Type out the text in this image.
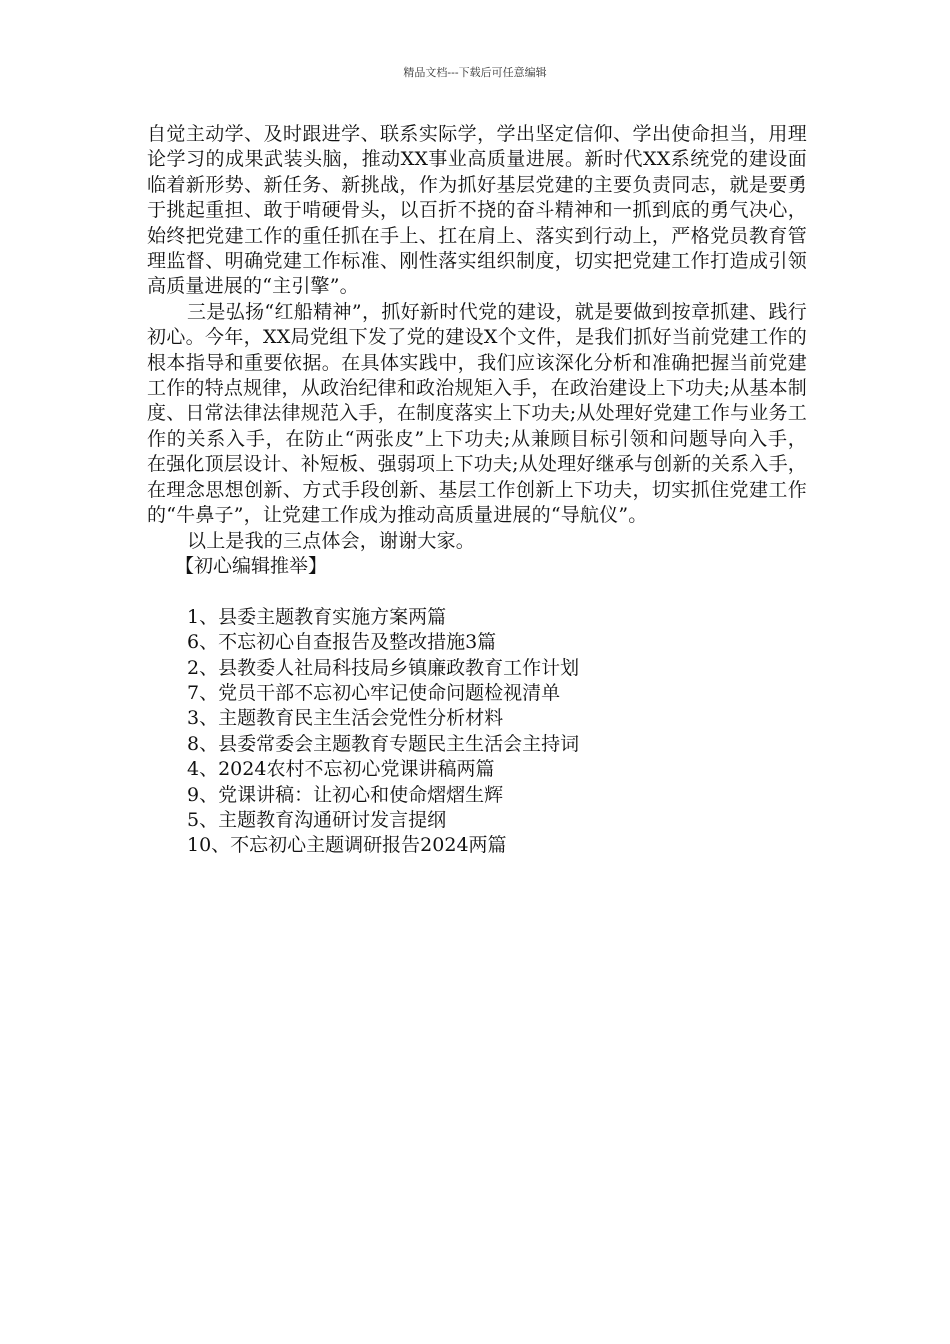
精品文档---下载后可任意编辑

自觉主动学、及时跟进学、联系实际学，学出坚定信仰、学出使命担当，用理论学习的成果武装头脑，推动XX事业高质量进展。新时代XX系统党的建设面临着新形势、新任务、新挑战，作为抓好基层党建的主要负责同志，就是要勇于挑起重担、敢于啃硬骨头，以百折不挠的奋斗精神和一抓到底的勇气决心，始终把党建工作的重任抓在手上、扛在肩上、落实到行动上，严格党员教育管理监督、明确党建工作标准、刚性落实组织制度，切实把党建工作打造成引领高质量进展的“主引擎”。

三是弘扬“红船精神”，抓好新时代党的建设，就是要做到按章抓建、践行初心。今年，XX局党组下发了党的建设X个文件，是我们抓好当前党建工作的根本指导和重要依据。在具体实践中，我们应该深化分析和准确把握当前党建工作的特点规律，从政治纪律和政治规矩入手，在政治建设上下功夫;从基本制度、日常法律法律规范入手，在制度落实上下功夫;从处理好党建工作与业务工作的关系入手，在防止“两张皮”上下功夫;从兼顾目标引领和问题导向入手，在强化顶层设计、补短板、强弱项上下功夫;从处理好继承与创新的关系入手，在理念思想创新、方式手段创新、基层工作创新上下功夫，切实抓住党建工作的“牛鼻子”，让党建工作成为推动高质量进展的“导航仪”。

以上是我的三点体会，谢谢大家。

【初心编辑推举】

1、县委主题教育实施方案两篇
6、不忘初心自查报告及整改措施3篇
2、县教委人社局科技局乡镇廉政教育工作计划
7、党员干部不忘初心牢记使命问题检视清单
3、主题教育民主生活会党性分析材料
8、县委常委会主题教育专题民主生活会主持词
4、2024农村不忘初心党课讲稿两篇
9、党课讲稿：让初心和使命熠熠生辉
5、主题教育沟通研讨发言提纲
10、不忘初心主题调研报告2024两篇
